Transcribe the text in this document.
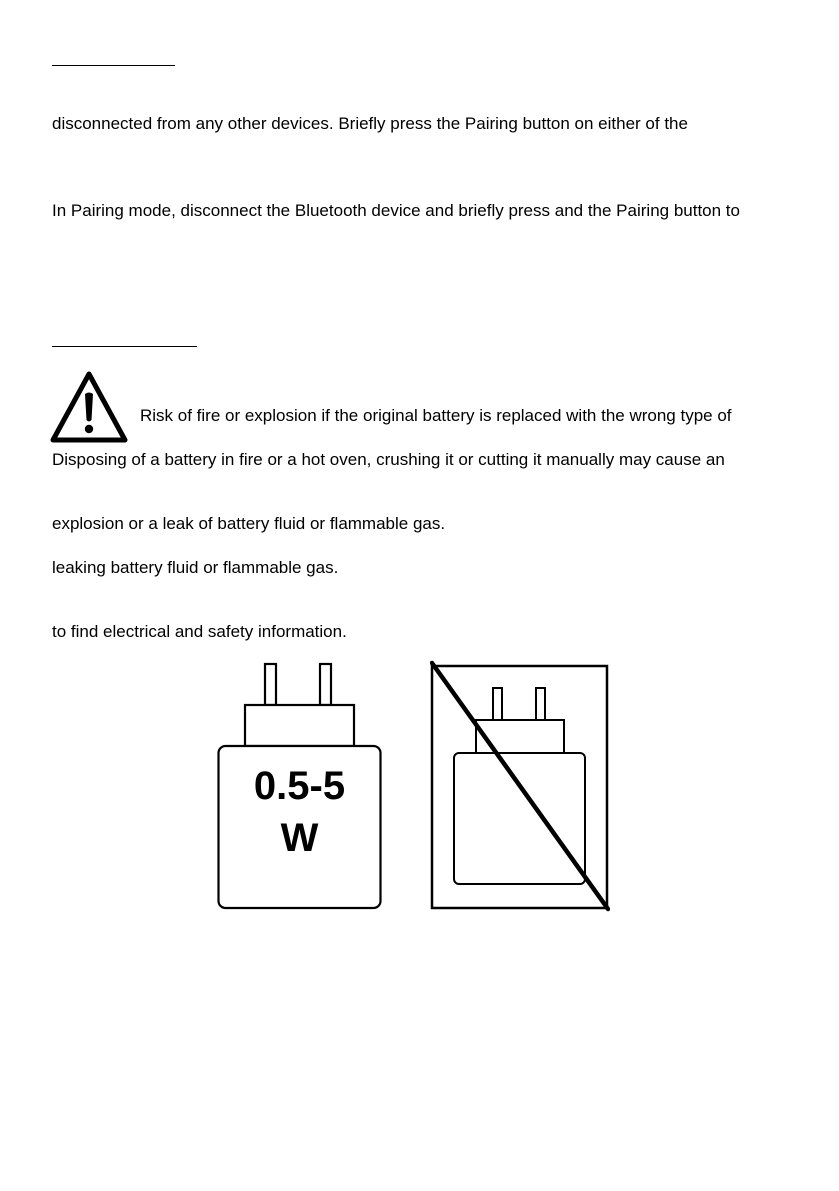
disconnected from any other devices. Briefly press the Pairing button on either of the
In Pairing mode, disconnect the Bluetooth device and briefly press and the Pairing button to
Risk of fire or explosion if the original battery is replaced with the wrong type of
Disposing of a battery in fire or a hot oven, crushing it or cutting it manually may cause an
explosion or a leak of battery fluid or flammable gas.
leaking battery fluid or flammable gas.
to find electrical and safety information.
0.5-5
W
